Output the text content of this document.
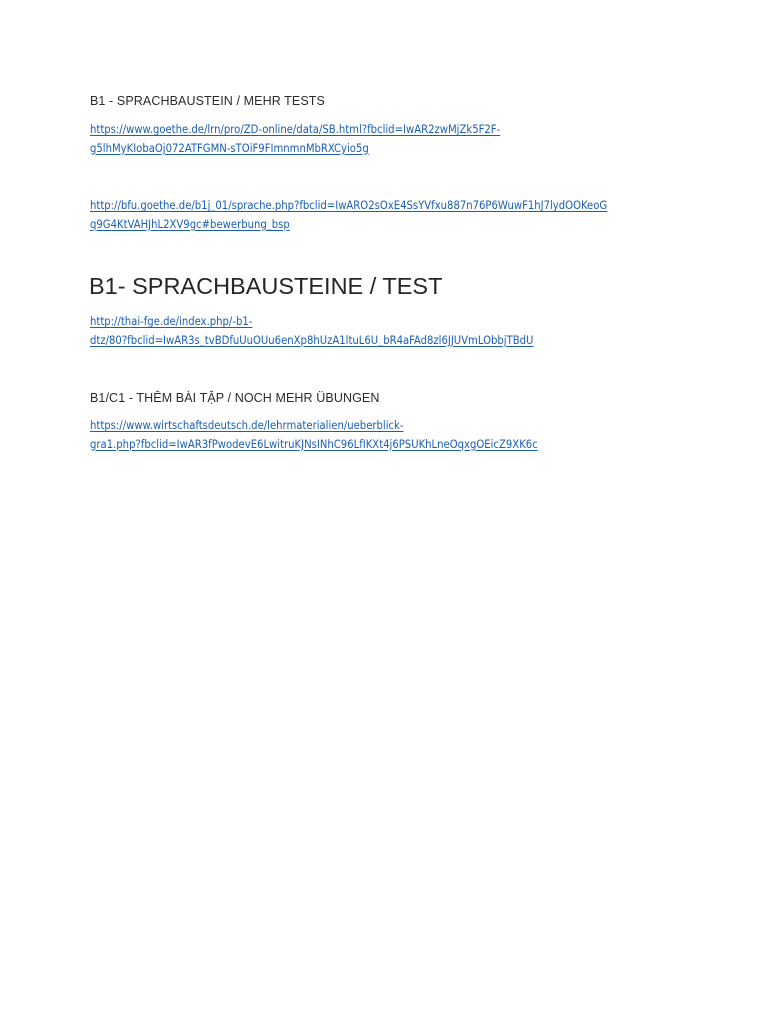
B1 - SPRACHBAUSTEIN / MEHR TESTS
https://www.goethe.de/lrn/pro/ZD-online/data/SB.html?fbclid=IwAR2zwMjZk5F2F-
g5lhMyKIobaOj072ATFGMN-sTOiF9FImnmnMbRXCyio5g
http://bfu.goethe.de/b1j_01/sprache.php?fbclid=IwARO2sOxE4SsYVfxu887n76P6WuwF1hJ7lydOOKeoG
q9G4KtVAHJhL2XV9gc#bewerbung_bsp
B1- SPRACHBAUSTEINE / TEST
http://thai-fge.de/index.php/-b1-
dtz/80?fbclid=IwAR3s_tvBDfuUuOUu6enXp8hUzA1ltuL6U_bR4aFAd8zl6JJUVmLObbjTBdU
B1/C1 - THÊM BÀI TẬP / NOCH MEHR ÜBUNGEN
https://www.wirtschaftsdeutsch.de/lehrmaterialien/ueberblick-
gra1.php?fbclid=IwAR3fPwodevE6LwitruKJNsINhC96LfIKXt4j6PSUKhLneOqxgOEicZ9XK6c
